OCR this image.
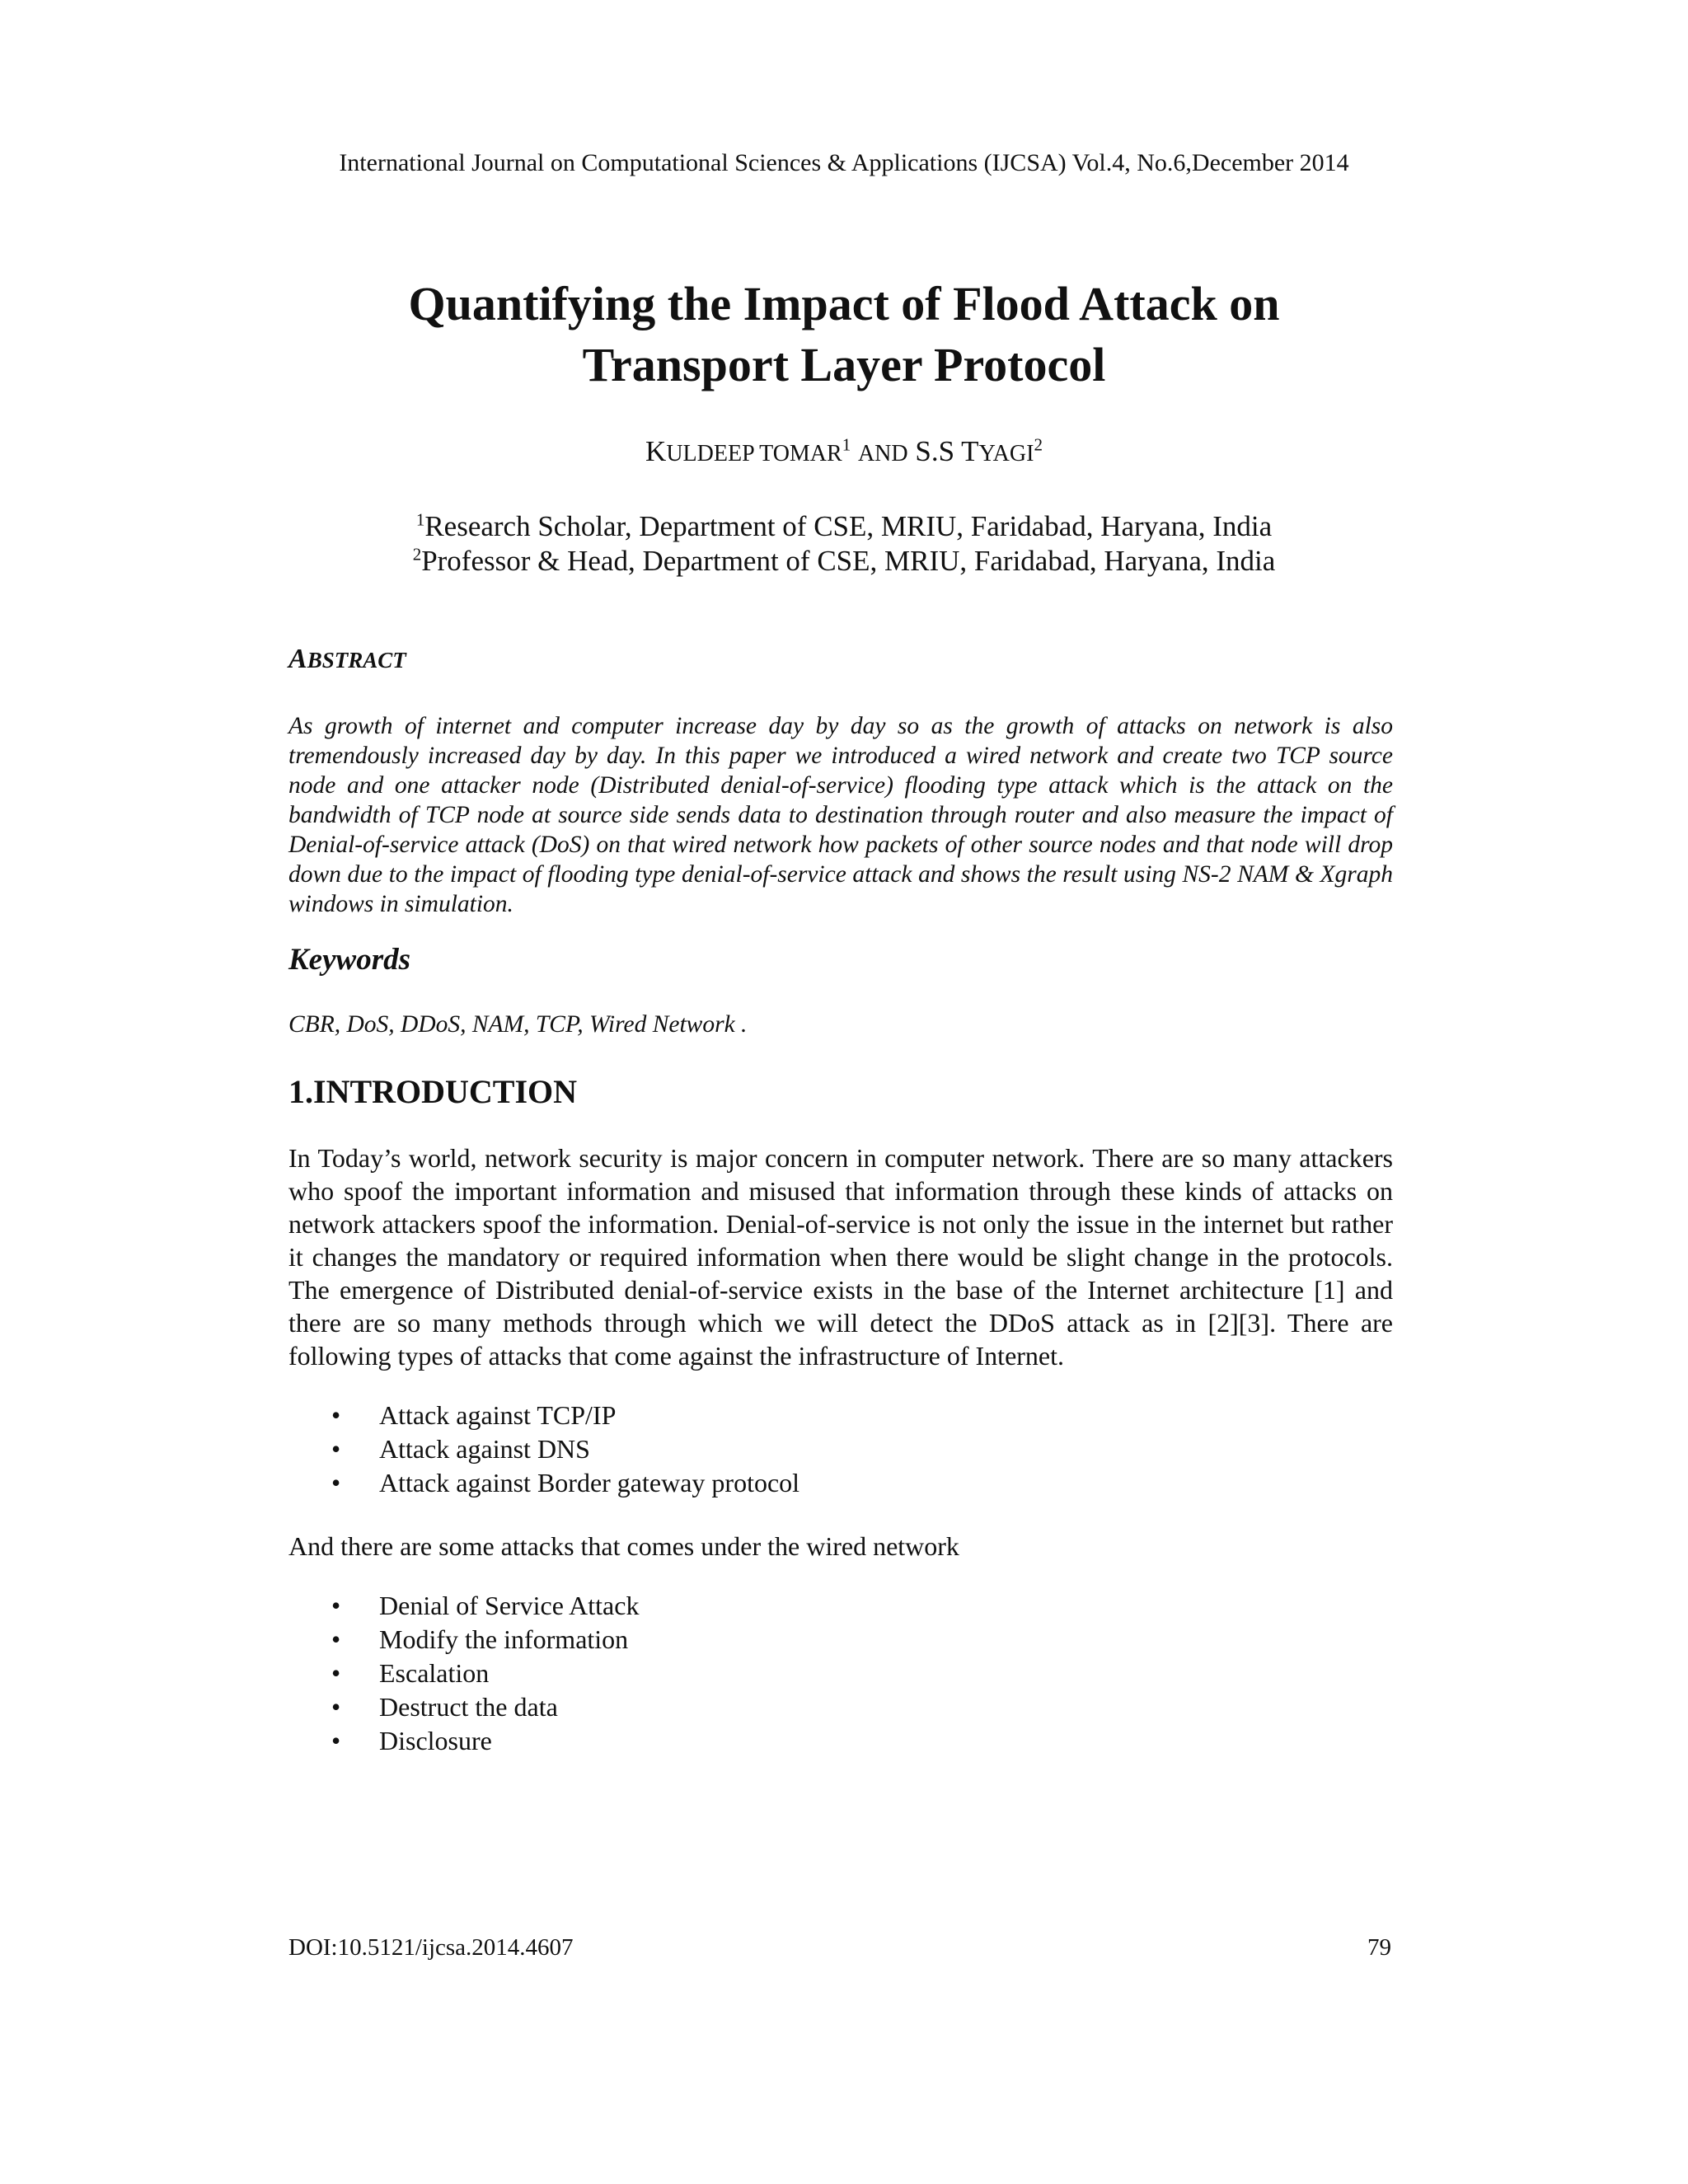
International Journal on Computational Sciences & Applications (IJCSA) Vol.4, No.6,December 2014
Quantifying the Impact of Flood Attack on
Transport Layer Protocol
KULDEEP TOMAR$^1$ AND S.S TYAGI$^2$
$^1$Research Scholar, Department of CSE, MRIU, Faridabad, Haryana, India
$^2$Professor & Head, Department of CSE, MRIU, Faridabad, Haryana, India
ABSTRACT
As growth of internet and computer increase day by day so as the growth of attacks on network is also tremendously increased day by day. In this paper we introduced a wired network and create two TCP source node and one attacker node (Distributed denial-of-service) flooding type attack which is the attack on the bandwidth of TCP node at source side sends data to destination through router and also measure the impact of Denial-of-service attack (DoS) on that wired network how packets of other source nodes and that node will drop down due to the impact of flooding type denial-of-service attack and shows the result using NS-2 NAM & Xgraph windows in simulation.
Keywords
CBR, DoS, DDoS, NAM, TCP, Wired Network .
1.INTRODUCTION
In Today’s world, network security is major concern in computer network. There are so many attackers who spoof the important information and misused that information through these kinds of attacks on network attackers spoof the information. Denial-of-service is not only the issue in the internet but rather it changes the mandatory or required information when there would be slight change in the protocols. The emergence of Distributed denial-of-service exists in the base of the Internet architecture [1] and there are so many methods through which we will detect the DDoS attack as in [2][3]. There are following types of attacks that come against the infrastructure of Internet.
• Attack against TCP/IP
• Attack against DNS
• Attack against Border gateway protocol
And there are some attacks that comes under the wired network
• Denial of Service Attack
• Modify the information
• Escalation
• Destruct the data
• Disclosure
DOI:10.5121/ijcsa.2014.4607	79
